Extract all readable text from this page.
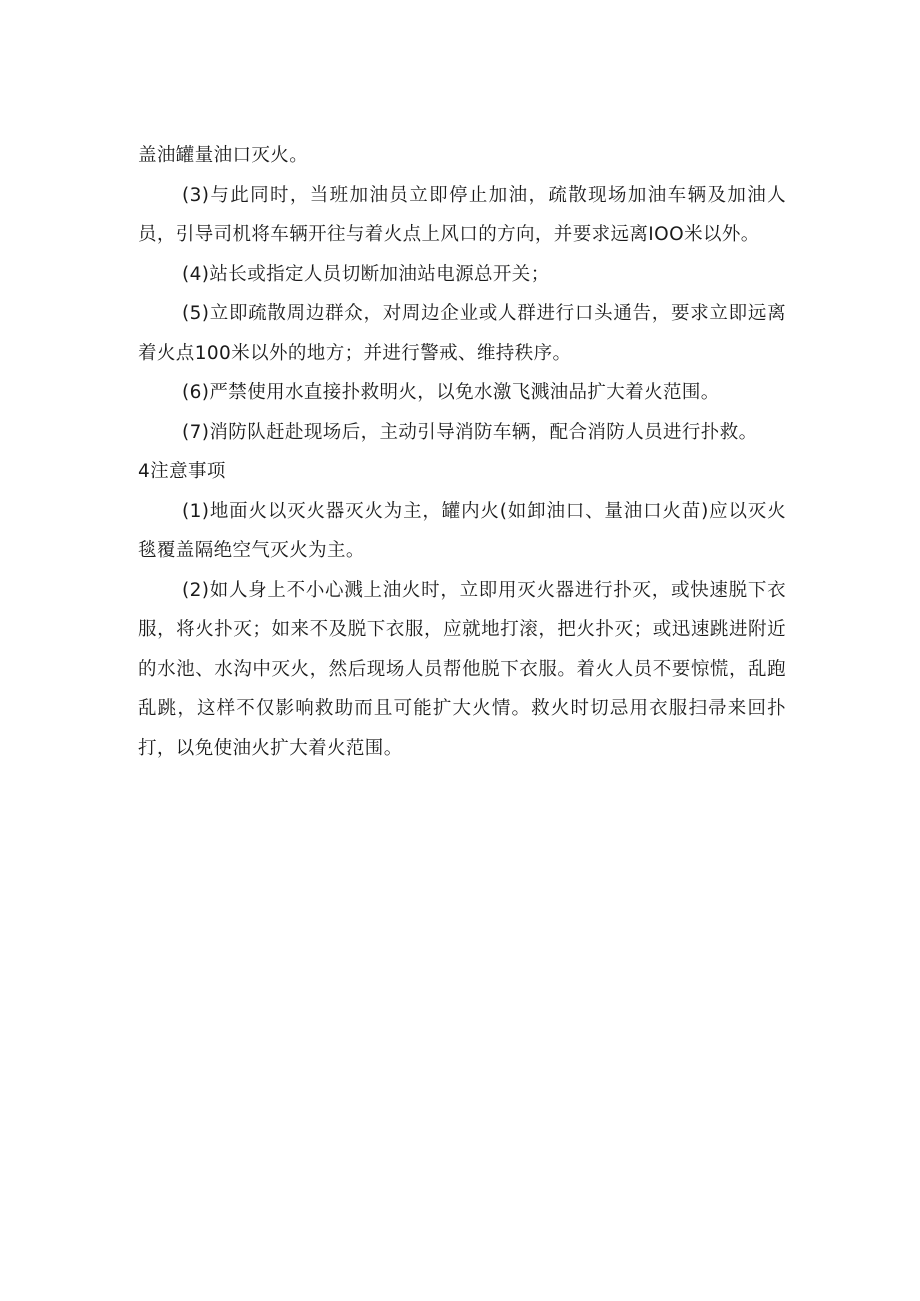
盖油罐量油口灭火。

(3)与此同时，当班加油员立即停止加油，疏散现场加油车辆及加油人员，引导司机将车辆开往与着火点上风口的方向，并要求远离IOO米以外。

(4)站长或指定人员切断加油站电源总开关；

(5)立即疏散周边群众，对周边企业或人群进行口头通告，要求立即远离着火点100米以外的地方；并进行警戒、维持秩序。

(6)严禁使用水直接扑救明火，以免水激飞溅油品扩大着火范围。

(7)消防队赶赴现场后，主动引导消防车辆，配合消防人员进行扑救。

4注意事项

(1)地面火以灭火器灭火为主，罐内火(如卸油口、量油口火苗)应以灭火毯覆盖隔绝空气灭火为主。

(2)如人身上不小心溅上油火时，立即用灭火器进行扑灭，或快速脱下衣服，将火扑灭；如来不及脱下衣服，应就地打滚，把火扑灭；或迅速跳进附近的水池、水沟中灭火，然后现场人员帮他脱下衣服。着火人员不要惊慌，乱跑乱跳，这样不仅影响救助而且可能扩大火情。救火时切忌用衣服扫帚来回扑打，以免使油火扩大着火范围。
